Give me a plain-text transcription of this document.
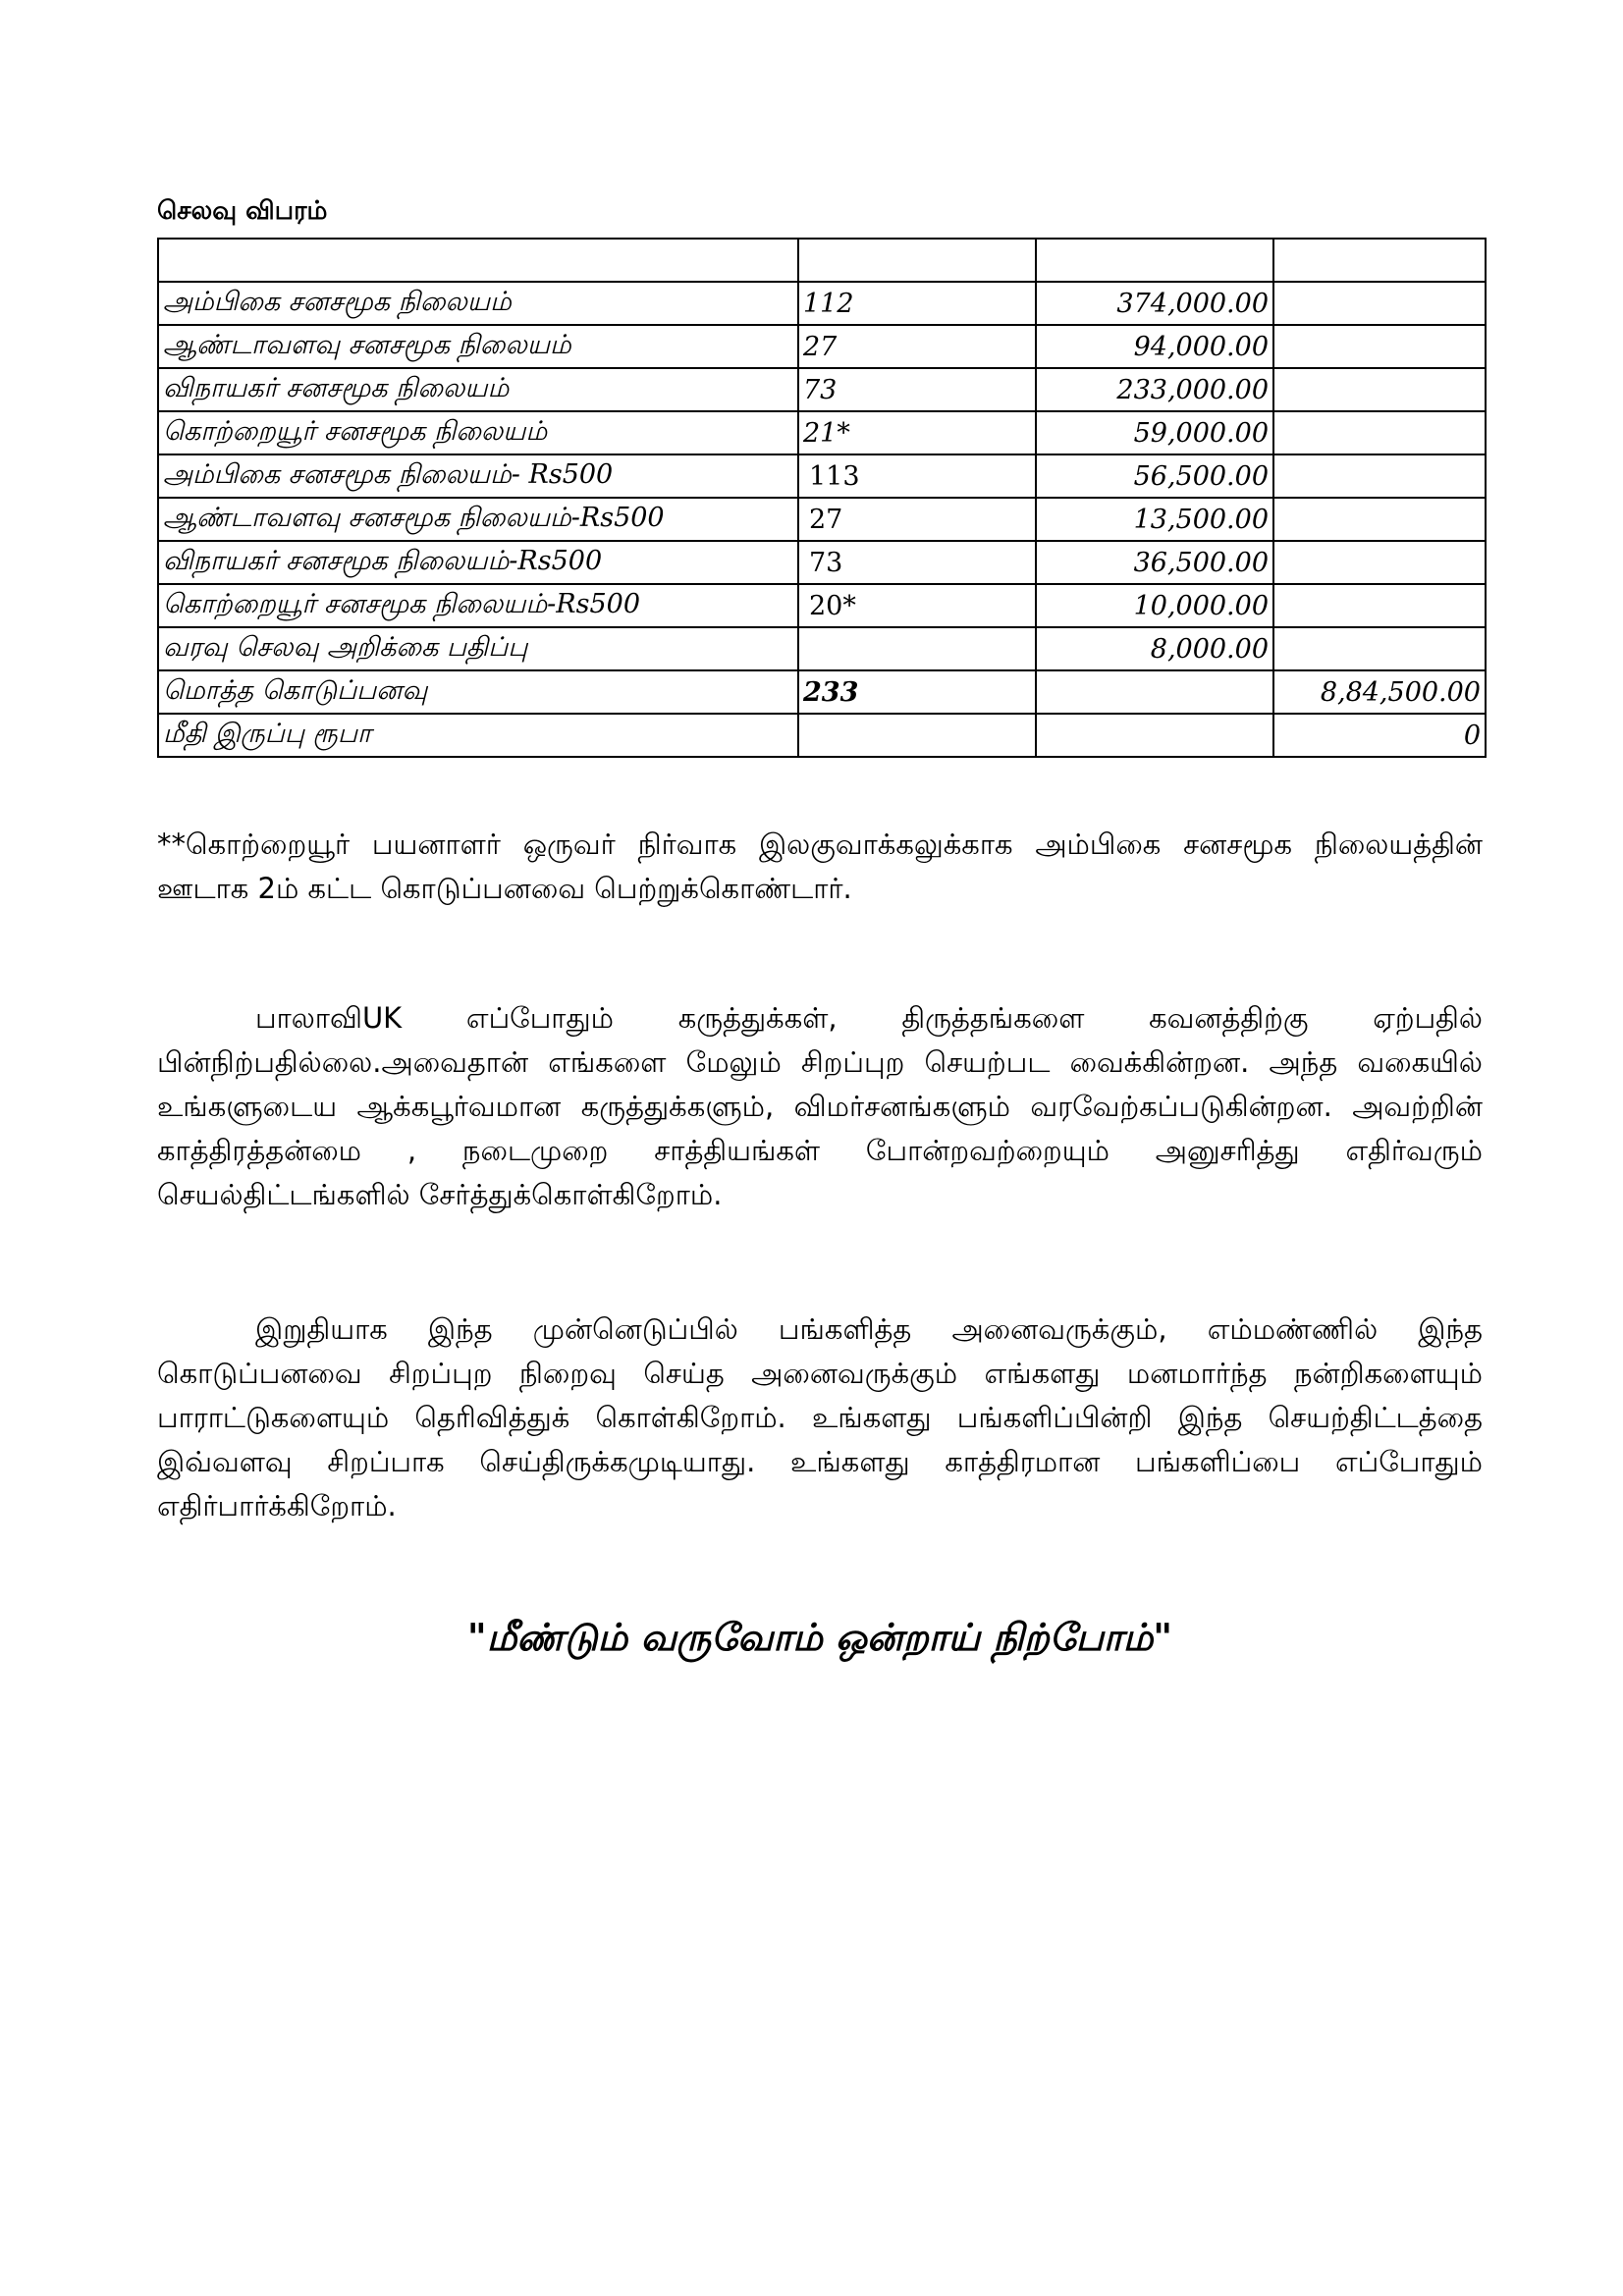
செலவு விபரம்

அம்பிகை சனசமூக நிலையம்	112	374,000.00	
ஆண்டாவளவு சனசமூக நிலையம்	27	94,000.00	
விநாயகர் சனசமூக நிலையம்	73	233,000.00	
கொற்றையூர் சனசமூக நிலையம்	21*	59,000.00	
அம்பிகை சனசமூக நிலையம்- Rs500	113	56,500.00	
ஆண்டாவளவு சனசமூக நிலையம்-Rs500	27	13,500.00	
விநாயகர் சனசமூக நிலையம்-Rs500	73	36,500.00	
கொற்றையூர் சனசமூக நிலையம்-Rs500	20*	10,000.00	
வரவு செலவு அறிக்கை பதிப்பு		8,000.00	
மொத்த கொடுப்பனவு	233		8,84,500.00
மீதி இருப்பு ரூபா			0

**கொற்றையூர் பயனாளர் ஒருவர் நிர்வாக இலகுவாக்கலுக்காக அம்பிகை சனசமூக நிலையத்தின் ஊடாக 2ம் கட்ட கொடுப்பனவை பெற்றுக்கொண்டார்.

பாலாவிUK எப்போதும் கருத்துக்கள், திருத்தங்களை கவனத்திற்கு ஏற்பதில் பின்நிற்பதில்லை.அவைதான் எங்களை மேலும் சிறப்புற செயற்பட வைக்கின்றன. அந்த வகையில் உங்களுடைய ஆக்கபூர்வமான கருத்துக்களும், விமர்சனங்களும் வரவேற்கப்படுகின்றன. அவற்றின் காத்திரத்தன்மை , நடைமுறை சாத்தியங்கள் போன்றவற்றையும் அனுசரித்து எதிர்வரும் செயல்திட்டங்களில் சேர்த்துக்கொள்கிறோம்.

இறுதியாக இந்த முன்னெடுப்பில் பங்களித்த அனைவருக்கும், எம்மண்ணில் இந்த கொடுப்பனவை சிறப்புற நிறைவு செய்த அனைவருக்கும் எங்களது மனமார்ந்த நன்றிகளையும் பாராட்டுகளையும் தெரிவித்துக் கொள்கிறோம். உங்களது பங்களிப்பின்றி இந்த செயற்திட்டத்தை இவ்வளவு சிறப்பாக செய்திருக்கமுடியாது. உங்களது காத்திரமான பங்களிப்பை எப்போதும் எதிர்பார்க்கிறோம்.

"மீண்டும் வருவோம் ஒன்றாய் நிற்போம்"
